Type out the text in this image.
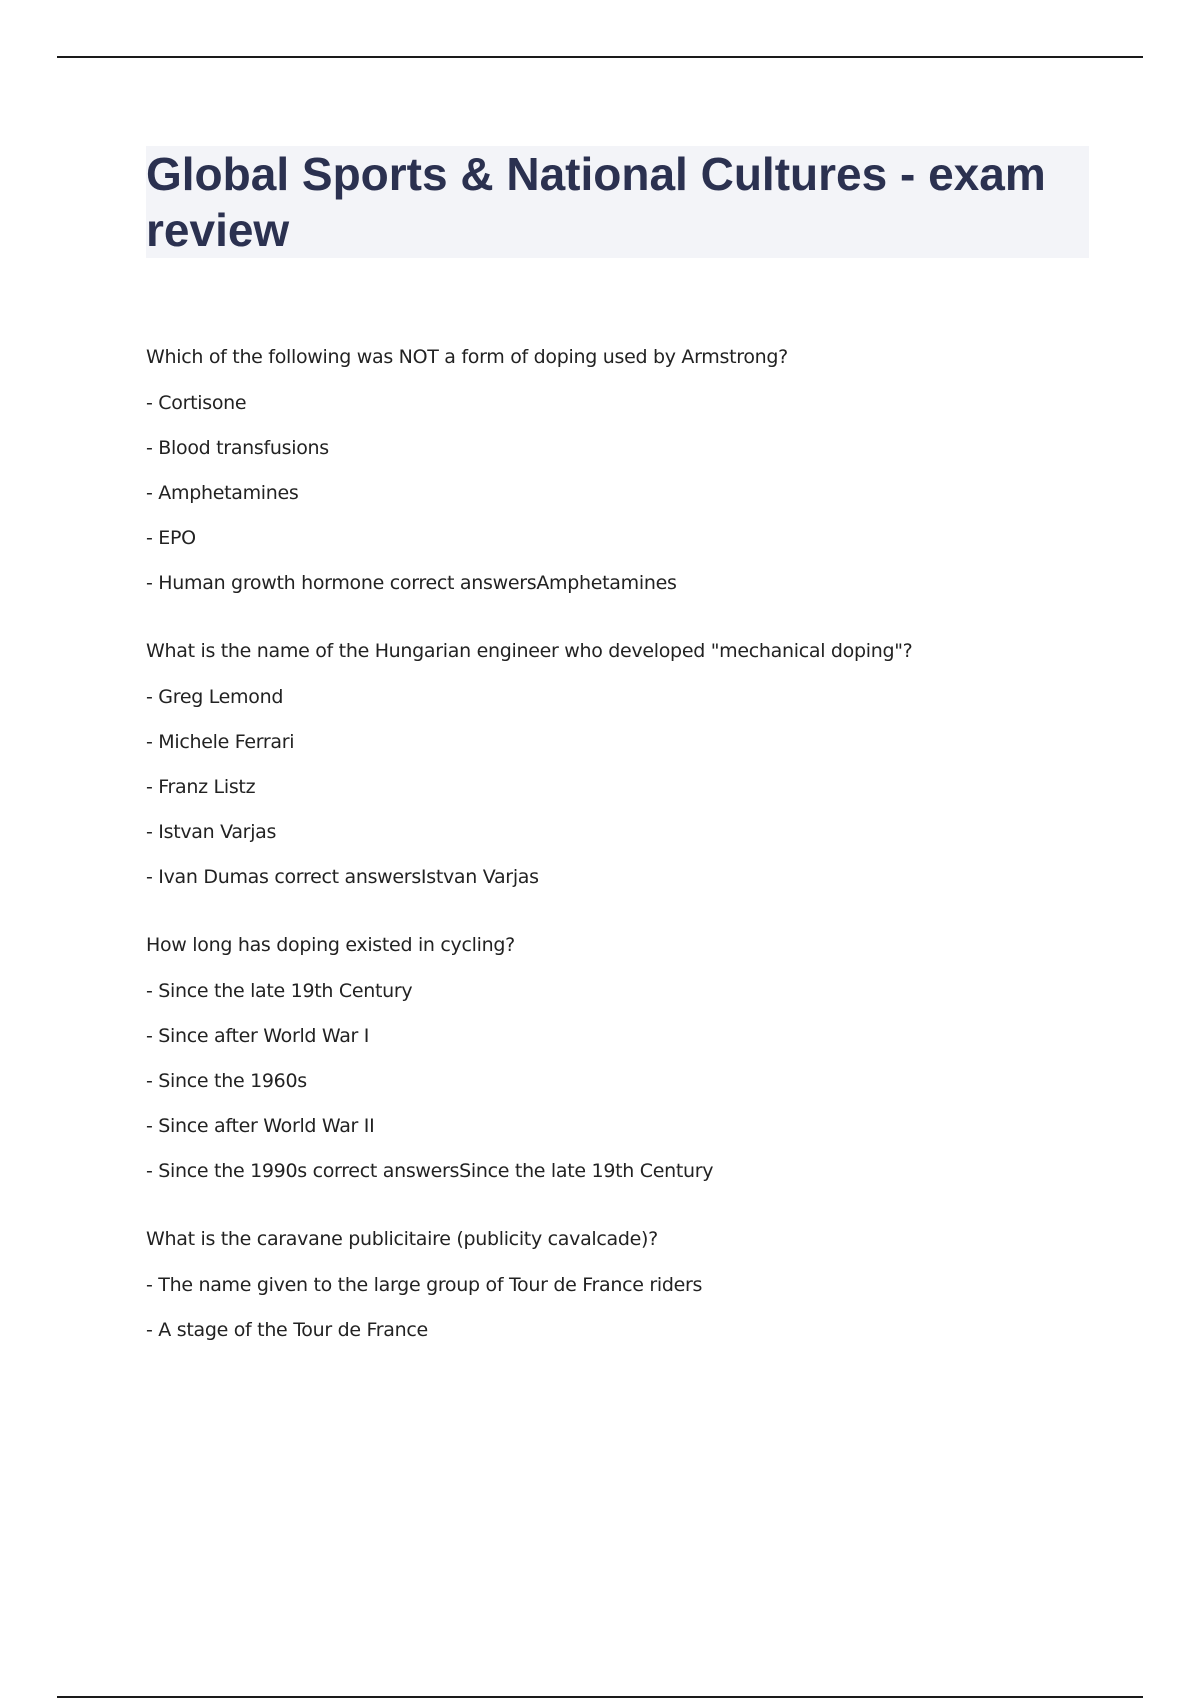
Global Sports & National Cultures - exam review
Which of the following was NOT a form of doping used by Armstrong?
- Cortisone
- Blood transfusions
- Amphetamines
- EPO
- Human growth hormone correct answersAmphetamines
What is the name of the Hungarian engineer who developed "mechanical doping"?
- Greg Lemond
- Michele Ferrari
- Franz Listz
- Istvan Varjas
- Ivan Dumas correct answersIstvan Varjas
How long has doping existed in cycling?
- Since the late 19th Century
- Since after World War I
- Since the 1960s
- Since after World War II
- Since the 1990s correct answersSince the late 19th Century
What is the caravane publicitaire (publicity cavalcade)?
- The name given to the large group of Tour de France riders
- A stage of the Tour de France
